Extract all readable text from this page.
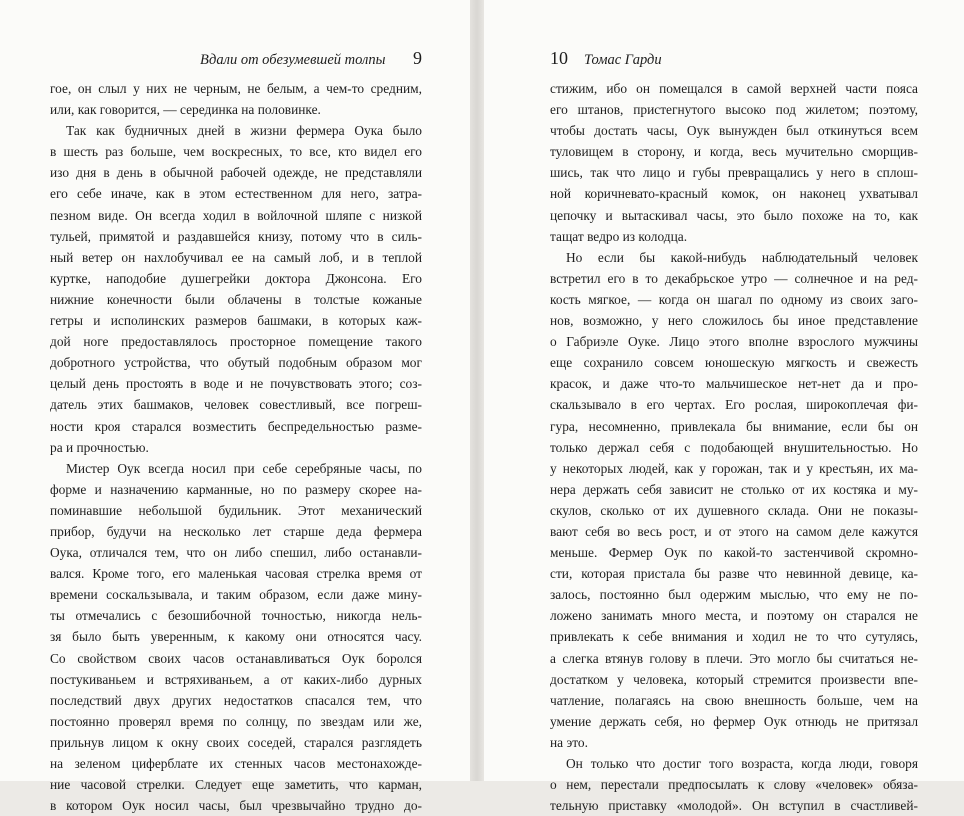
Вдали от обезумевшей толпы 9
гое, он слыл у них не черным, не белым, а чем-то средним,
или, как говорится, — серединка на половинке.
Так как будничных дней в жизни фермера Оука было
в шесть раз больше, чем воскресных, то все, кто видел его
изо дня в день в обычной рабочей одежде, не представляли
его себе иначе, как в этом естественном для него, затра-
пезном виде. Он всегда ходил в войлочной шляпе с низкой
тульей, примятой и раздавшейся книзу, потому что в силь-
ный ветер он нахлобучивал ее на самый лоб, и в теплой
куртке, наподобие душегрейки доктора Джонсона. Его
нижние конечности были облачены в толстые кожаные
гетры и исполинских размеров башмаки, в которых каж-
дой ноге предоставлялось просторное помещение такого
добротного устройства, что обутый подобным образом мог
целый день простоять в воде и не почувствовать этого; соз-
датель этих башмаков, человек совестливый, все погреш-
ности кроя старался возместить беспредельностью разме-
ра и прочностью.
Мистер Оук всегда носил при себе серебряные часы, по
форме и назначению карманные, но по размеру скорее на-
поминавшие небольшой будильник. Этот механический
прибор, будучи на несколько лет старше деда фермера
Оука, отличался тем, что он либо спешил, либо останавли-
вался. Кроме того, его маленькая часовая стрелка время от
времени соскальзывала, и таким образом, если даже мину-
ты отмечались с безошибочной точностью, никогда нель-
зя было быть уверенным, к какому они относятся часу.
Со свойством своих часов останавливаться Оук боролся
постукиваньем и встряхиваньем, а от каких-либо дурных
последствий двух других недостатков спасался тем, что
постоянно проверял время по солнцу, по звездам или же,
прильнув лицом к окну своих соседей, старался разглядеть
на зеленом циферблате их стенных часов местонахожде-
ние часовой стрелки. Следует еще заметить, что карман,
в котором Оук носил часы, был чрезвычайно трудно до-
10 Томас Гарди
стижим, ибо он помещался в самой верхней части пояса
его штанов, пристегнутого высоко под жилетом; поэтому,
чтобы достать часы, Оук вынужден был откинуться всем
туловищем в сторону, и когда, весь мучительно сморщив-
шись, так что лицо и губы превращались у него в сплош-
ной коричневато-красный комок, он наконец ухватывал
цепочку и вытаскивал часы, это было похоже на то, как
тащат ведро из колодца.
Но если бы какой-нибудь наблюдательный человек
встретил его в то декабрьское утро — солнечное и на ред-
кость мягкое, — когда он шагал по одному из своих заго-
нов, возможно, у него сложилось бы иное представление
о Габриэле Оуке. Лицо этого вполне взрослого мужчины
еще сохранило совсем юношескую мягкость и свежесть
красок, и даже что-то мальчишеское нет-нет да и про-
скальзывало в его чертах. Его рослая, широкоплечая фи-
гура, несомненно, привлекала бы внимание, если бы он
только держал себя с подобающей внушительностью. Но
у некоторых людей, как у горожан, так и у крестьян, их ма-
нера держать себя зависит не столько от их костяка и му-
скулов, сколько от их душевного склада. Они не показы-
вают себя во весь рост, и от этого на самом деле кажутся
меньше. Фермер Оук по какой-то застенчивой скромно-
сти, которая пристала бы разве что невинной девице, ка-
залось, постоянно был одержим мыслью, что ему не по-
ложено занимать много места, и поэтому он старался не
привлекать к себе внимания и ходил не то что сутулясь,
а слегка втянув голову в плечи. Это могло бы считаться не-
достатком у человека, который стремится произвести впе-
чатление, полагаясь на свою внешность больше, чем на
умение держать себя, но фермер Оук отнюдь не притязал
на это.
Он только что достиг того возраста, когда люди, говоря
о нем, перестали предпосылать к слову «человек» обяза-
тельную приставку «молодой». Он вступил в счастливей-
